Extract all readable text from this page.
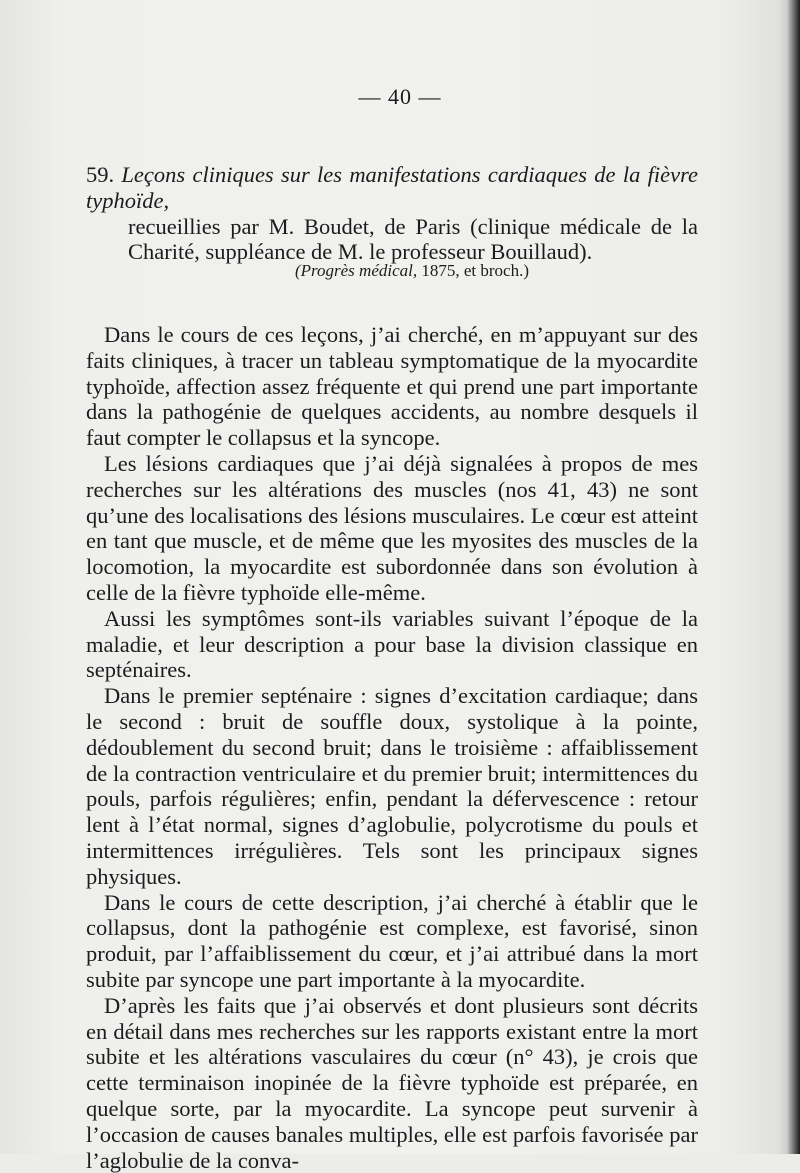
— 40 —
59. Leçons cliniques sur les manifestations cardiaques de la fièvre typhoïde,
recueillies par M. Boudet, de Paris (clinique médicale de la Charité, suppléance de M. le professeur Bouillaud).
(Progrès médical, 1875, et broch.)

Dans le cours de ces leçons, j’ai cherché, en m’appuyant sur des faits cliniques, à tracer un tableau symptomatique de la myocardite typhoïde, affection assez fréquente et qui prend une part importante dans la pathogénie de quelques accidents, au nombre desquels il faut compter le collapsus et la syncope.

Les lésions cardiaques que j’ai déjà signalées à propos de mes recherches sur les altérations des muscles (nos 41, 43) ne sont qu’une des localisations des lésions musculaires. Le cœur est atteint en tant que muscle, et de même que les myosites des muscles de la locomotion, la myocardite est subordonnée dans son évolution à celle de la fièvre typhoïde elle-même.

Aussi les symptômes sont-ils variables suivant l’époque de la maladie, et leur description a pour base la division classique en septénaires.

Dans le premier septénaire : signes d’excitation cardiaque; dans le second : bruit de souffle doux, systolique à la pointe, dédoublement du second bruit; dans le troisième : affaiblissement de la contraction ventriculaire et du premier bruit; intermittences du pouls, parfois régulières; enfin, pendant la défervescence : retour lent à l’état normal, signes d’aglobulie, polycrotisme du pouls et intermittences irrégulières. Tels sont les principaux signes physiques.

Dans le cours de cette description, j’ai cherché à établir que le collapsus, dont la pathogénie est complexe, est favorisé, sinon produit, par l’affaiblissement du cœur, et j’ai attribué dans la mort subite par syncope une part importante à la myocardite.

D’après les faits que j’ai observés et dont plusieurs sont décrits en détail dans mes recherches sur les rapports existant entre la mort subite et les altérations vasculaires du cœur (n° 43), je crois que cette terminaison inopinée de la fièvre typhoïde est préparée, en quelque sorte, par la myocardite. La syncope peut survenir à l’occasion de causes banales multiples, elle est parfois favorisée par l’aglobulie de la conva-
